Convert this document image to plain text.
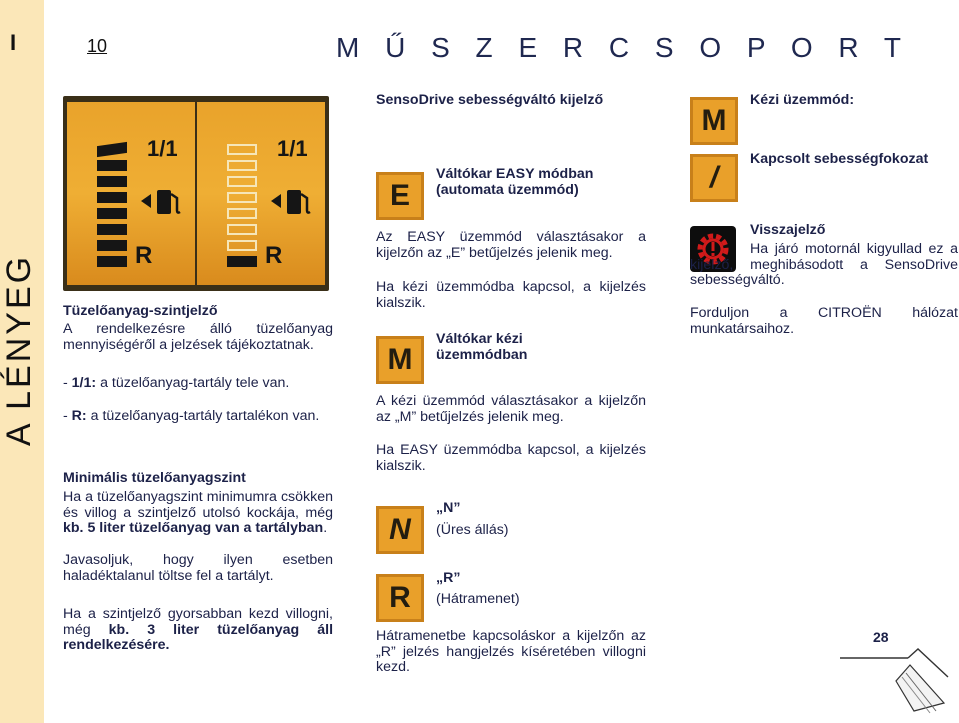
I
A LÉNYEG
10	M Ű S Z E R C S O P O R T
1/1
R
1/1
R
Tüzelőanyag-szintjelző
A rendelkezésre álló tüzelőanyag mennyiségéről a jelzések tájékoztatnak.
- 1/1: a tüzelőanyag-tartály tele van.
- R: a tüzelőanyag-tartály tartalékon van.
Minimális tüzelőanyagszint
Ha a tüzelőanyagszint minimumra csökken és villog a szintjelző utolsó kockája, még kb. 5 liter tüzelőanyag van a tartályban.
Javasoljuk, hogy ilyen esetben haladéktalanul töltse fel a tartályt.
Ha a szintjelző gyorsabban kezd villogni, még kb. 3 liter tüzelőanyag áll rendelkezésére.
SensoDrive sebességváltó kijelző
E
Váltókar EASY módban (automata üzemmód)
Az EASY üzemmód választásakor a kijelzőn az „E” betűjelzés jelenik meg.
Ha kézi üzemmódba kapcsol, a kijelzés kialszik.
M
Váltókar kézi üzemmódban
A kézi üzemmód választásakor a kijelzőn az „M” betűjelzés jelenik meg.
Ha EASY üzemmódba kapcsol, a kijelzés kialszik.
N
„N”
(Üres állás)
R
„R”
(Hátramenet)
Hátramenetbe kapcsoláskor a kijelzőn az „R” jelzés hangjelzés kíséretében villogni kezd.
M
Kézi üzemmód:
/
Kapcsolt sebességfokozat
Visszajelző
Ha járó motornál kigyullad ez a kijelző, meghibásodott a SensoDrive sebességváltó.
Forduljon a CITROËN hálózat munkatársaihoz.
28
